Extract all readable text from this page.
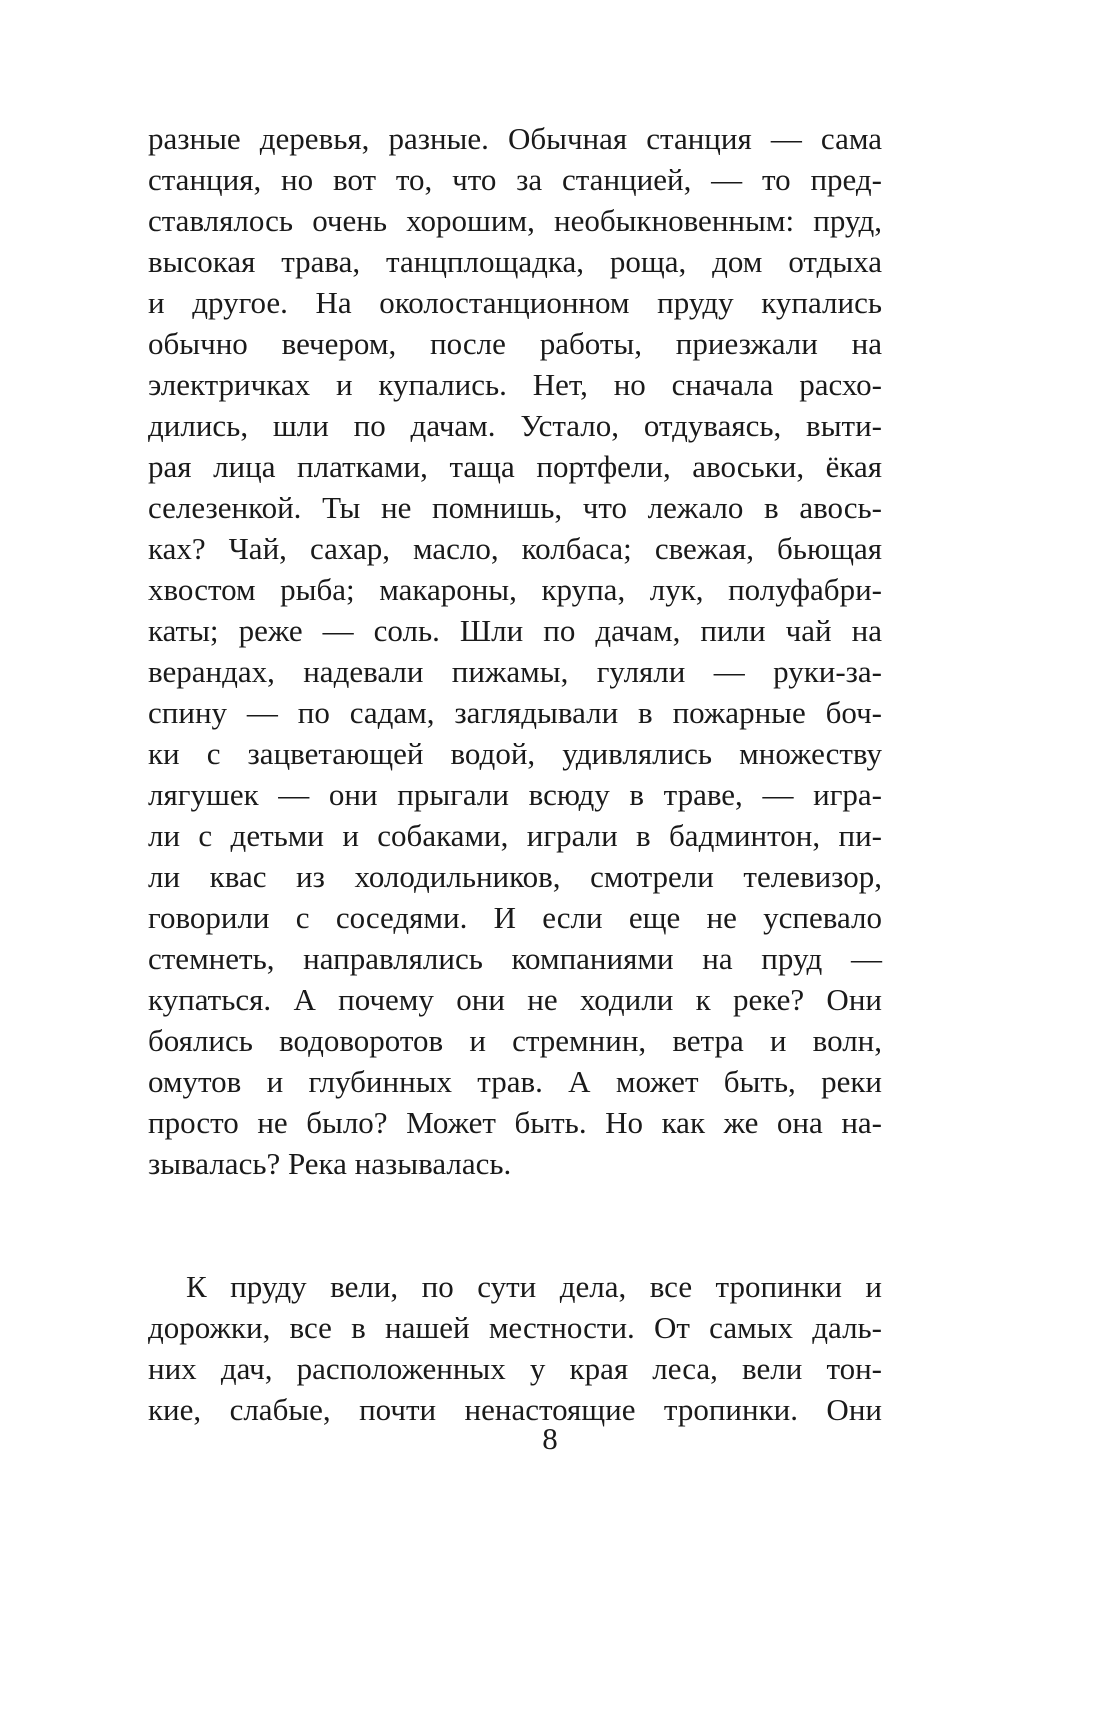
разные деревья, разные. Обычная станция — сама
станция, но вот то, что за станцией, — то пред-
ставлялось очень хорошим, необыкновенным: пруд,
высокая трава, танцплощадка, роща, дом отдыха
и другое. На околостанционном пруду купались
обычно вечером, после работы, приезжали на
электричках и купались. Нет, но сначала расхо-
дились, шли по дачам. Устало, отдуваясь, выти-
рая лица платками, таща портфели, авоськи, ёкая
селезенкой. Ты не помнишь, что лежало в авось-
ках? Чай, сахар, масло, колбаса; свежая, бьющая
хвостом рыба; макароны, крупа, лук, полуфабри-
каты; реже — соль. Шли по дачам, пили чай на
верандах, надевали пижамы, гуляли — руки-за-
спину — по садам, заглядывали в пожарные боч-
ки с зацветающей водой, удивлялись множеству
лягушек — они прыгали всюду в траве, — игра-
ли с детьми и собаками, играли в бадминтон, пи-
ли квас из холодильников, смотрели телевизор,
говорили с соседями. И если еще не успевало
стемнеть, направлялись компаниями на пруд —
купаться. А почему они не ходили к реке? Они
боялись водоворотов и стремнин, ветра и волн,
омутов и глубинных трав. А может быть, реки
просто не было? Может быть. Но как же она на-
зывалась? Река называлась.
К пруду вели, по сути дела, все тропинки и
дорожки, все в нашей местности. От самых даль-
них дач, расположенных у края леса, вели тон-
кие, слабые, почти ненастоящие тропинки. Они
8
